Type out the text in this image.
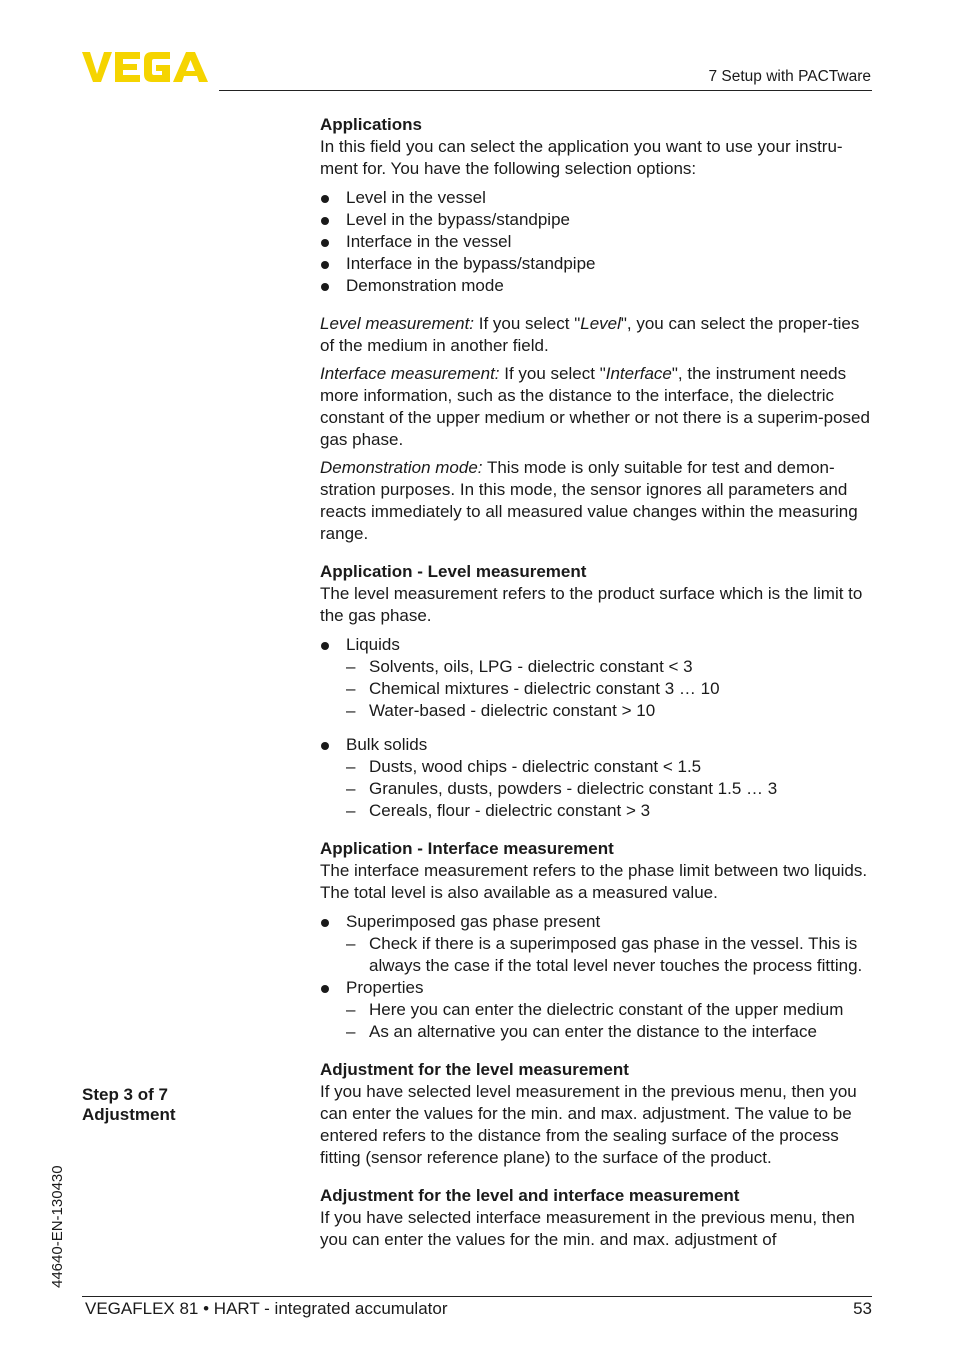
7 Setup with PACTware
Step 3 of 7
Adjustment

Applications

In this field you can select the application you want to use your instru-ment for. You have the following selection options:

Level in the vessel
Level in the bypass/standpipe
Interface in the vessel
Interface in the bypass/standpipe
Demonstration mode

Level measurement: If you select "Level", you can select the proper-ties of the medium in another field.

Interface measurement: If you select "Interface", the instrument needs more information, such as the distance to the interface, the dielectric constant of the upper medium or whether or not there is a superim-posed gas phase.

Demonstration mode: This mode is only suitable for test and demon-stration purposes. In this mode, the sensor ignores all parameters and reacts immediately to all measured value changes within the measuring range.

Application - Level measurement

The level measurement refers to the product surface which is the limit to the gas phase.

Liquids
– Solvents, oils, LPG - dielectric constant < 3
– Chemical mixtures - dielectric constant 3 … 10
– Water-based - dielectric constant > 10
Bulk solids
– Dusts, wood chips - dielectric constant < 1.5
– Granules, dusts, powders - dielectric constant 1.5 … 3
– Cereals, flour - dielectric constant > 3

Application - Interface measurement

The interface measurement refers to the phase limit between two liquids. The total level is also available as a measured value.

Superimposed gas phase present
– Check if there is a superimposed gas phase in the vessel. This is always the case if the total level never touches the process fitting.
Properties
– Here you can enter the dielectric constant of the upper medium
– As an alternative you can enter the distance to the interface

Adjustment for the level measurement

If you have selected level measurement in the previous menu, then you can enter the values for the min. and max. adjustment. The value to be entered refers to the distance from the sealing surface of the process fitting (sensor reference plane) to the surface of the product.

Adjustment for the level and interface measurement

If you have selected interface measurement in the previous menu, then you can enter the values for the min. and max. adjustment of

44640-EN-130430
VEGAFLEX 81 • HART - integrated accumulator	53
